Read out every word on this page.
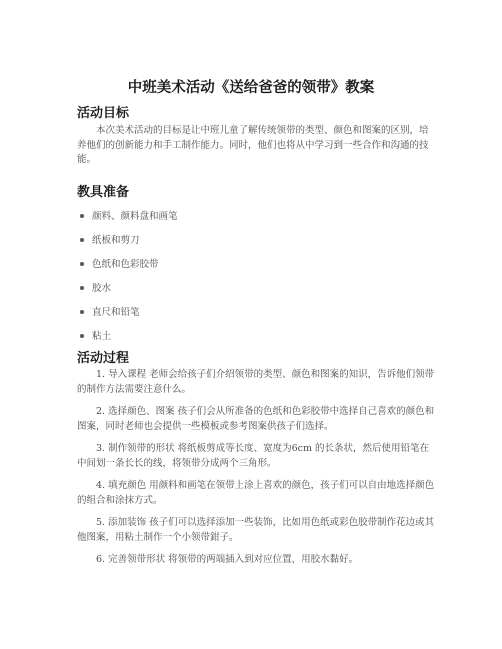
中班美术活动《送给爸爸的领带》教案
活动目标

本次美术活动的目标是让中班儿童了解传统领带的类型、颜色和图案的区别，培养他们的创新能力和手工制作能力。同时，他们也将从中学习到一些合作和沟通的技能。

教具准备
颜料、颜料盘和画笔
纸板和剪刀
色纸和色彩胶带
胶水
直尺和铅笔
粘土
活动过程

1. 导入课程 老师会给孩子们介绍领带的类型、颜色和图案的知识，告诉他们领带的制作方法需要注意什么。

2. 选择颜色、图案 孩子们会从所准备的色纸和色彩胶带中选择自己喜欢的颜色和图案，同时老师也会提供一些模板或参考图案供孩子们选择。

3. 制作领带的形状 将纸板剪成等长度、宽度为6cm 的长条状，然后使用铅笔在中间划一条长长的线，将领带分成两个三角形。

4. 填充颜色 用颜料和画笔在领带上涂上喜欢的颜色，孩子们可以自由地选择颜色的组合和涂抹方式。

5. 添加装饰 孩子们可以选择添加一些装饰，比如用色纸或彩色胶带制作花边或其他图案，用粘土制作一个小领带鉗子。

6. 完善领带形状 将领带的两端插入到对应位置，用胶水黏好。
